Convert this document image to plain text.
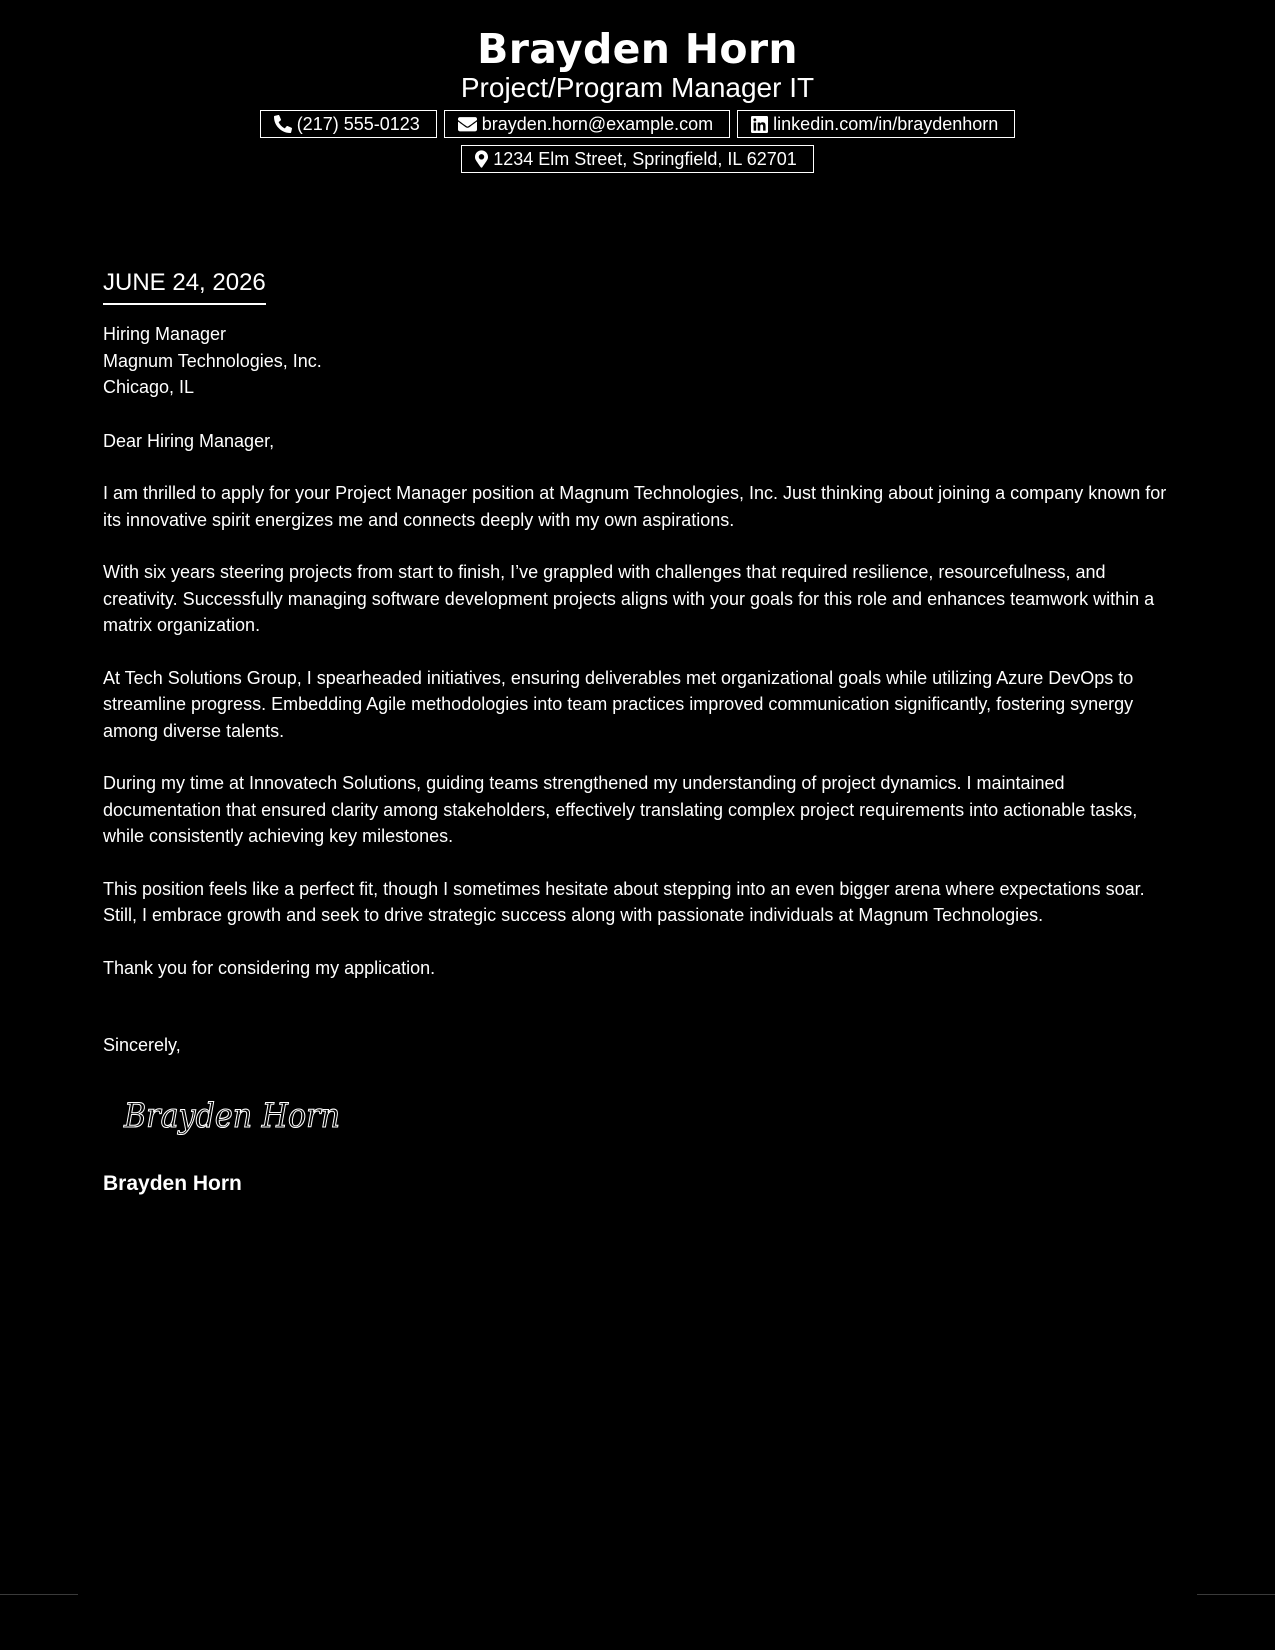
Brayden Horn
Project/Program Manager IT
(217) 555-0123	brayden.horn@example.com	linkedin.com/in/braydenhorn
1234 Elm Street, Springfield, IL 62701
JUNE 24, 2026
Hiring Manager
Magnum Technologies, Inc.
Chicago, IL
Dear Hiring Manager,
I am thrilled to apply for your Project Manager position at Magnum Technologies, Inc. Just thinking about joining a company known for its innovative spirit energizes me and connects deeply with my own aspirations.
With six years steering projects from start to finish, I’ve grappled with challenges that required resilience, resourcefulness, and creativity. Successfully managing software development projects aligns with your goals for this role and enhances teamwork within a matrix organization.
At Tech Solutions Group, I spearheaded initiatives, ensuring deliverables met organizational goals while utilizing Azure DevOps to streamline progress. Embedding Agile methodologies into team practices improved communication significantly, fostering synergy among diverse talents.
During my time at Innovatech Solutions, guiding teams strengthened my understanding of project dynamics. I maintained documentation that ensured clarity among stakeholders, effectively translating complex project requirements into actionable tasks, while consistently achieving key milestones.
This position feels like a perfect fit, though I sometimes hesitate about stepping into an even bigger arena where expectations soar. Still, I embrace growth and seek to drive strategic success along with passionate individuals at Magnum Technologies.
Thank you for considering my application.
Sincerely,
Brayden Horn
Brayden Horn
